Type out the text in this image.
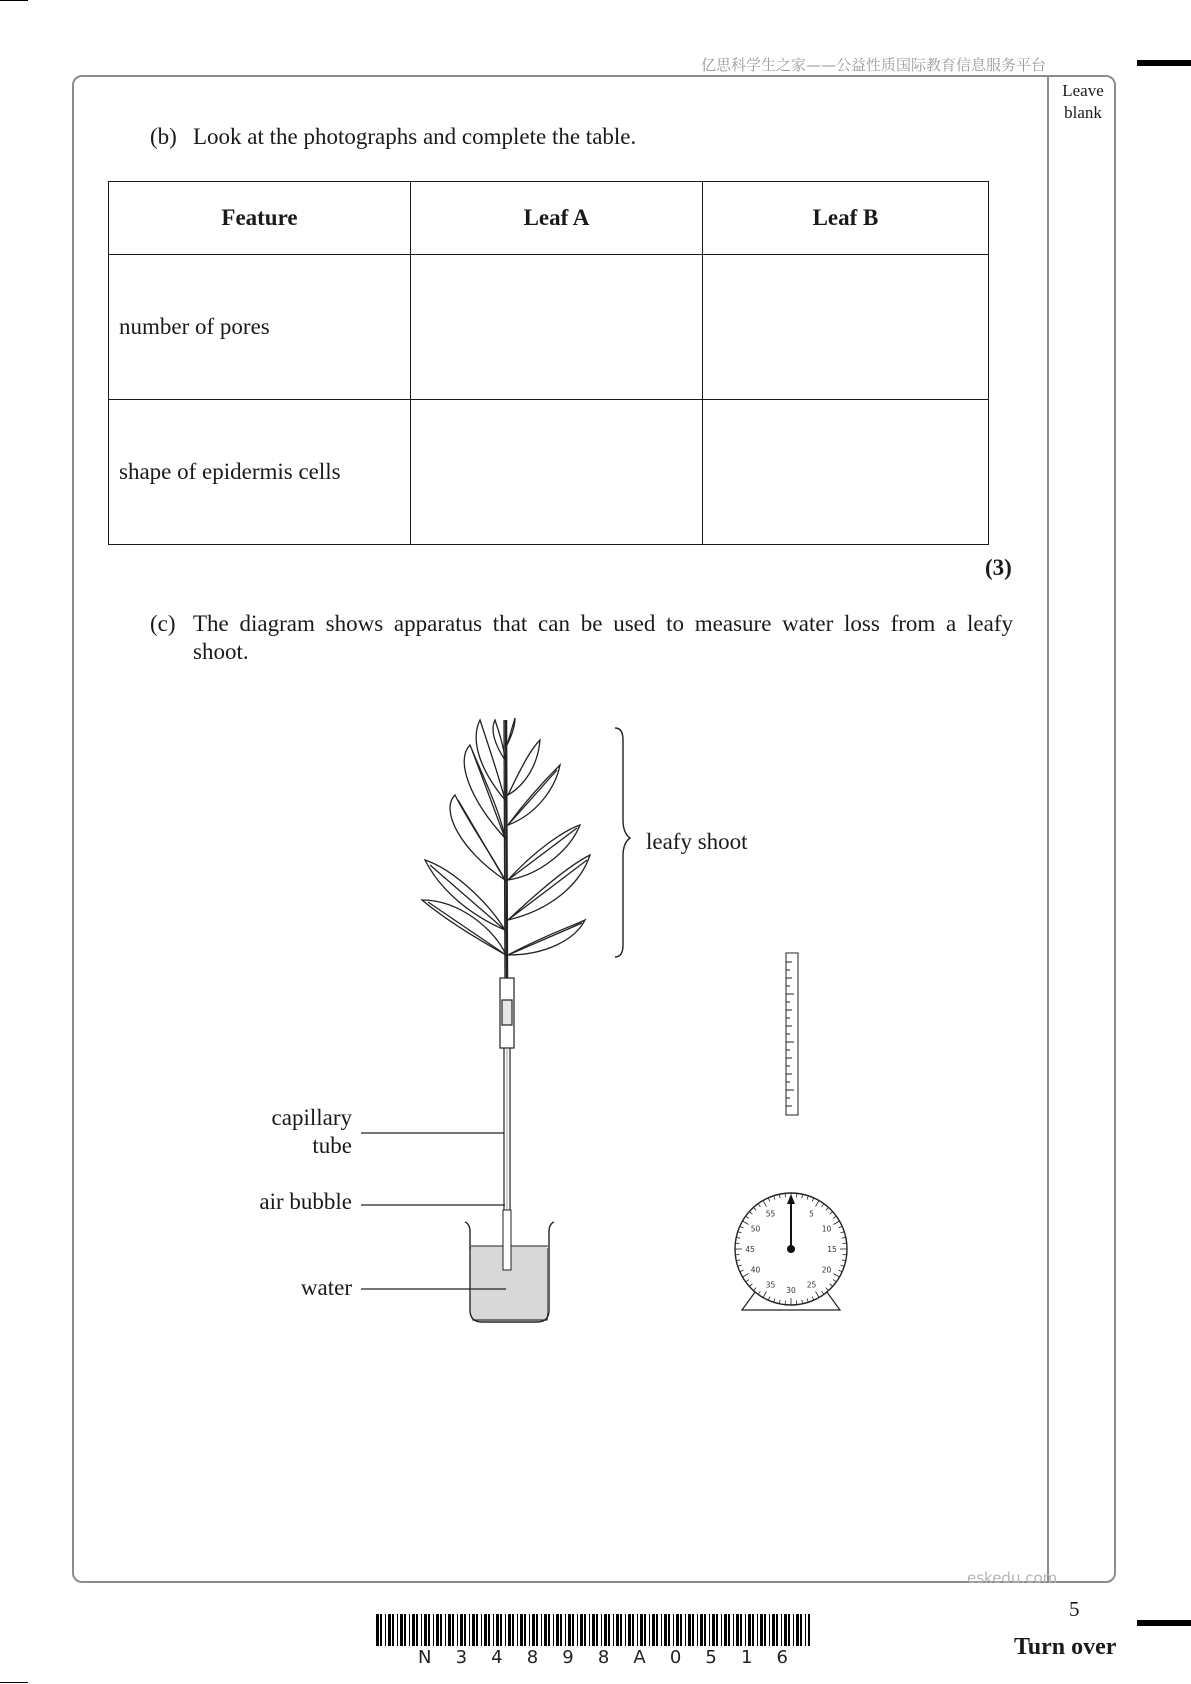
亿思科学生之家——公益性质国际教育信息服务平台
Leave
blank
(b) Look at the photographs and complete the table.
Feature	Leaf A	Leaf B
number of pores		
shape of epidermis cells		
(3)
(c) The diagram shows apparatus that can be used to measure water loss from a leafy
shoot.
5
10
15
20
25
30
35
40
45
50
55
leafy shoot
capillary
tube
air bubble
water
eskedu.com
5
Turn over
N 3 4 8 9 8 A 0 5 1 6
